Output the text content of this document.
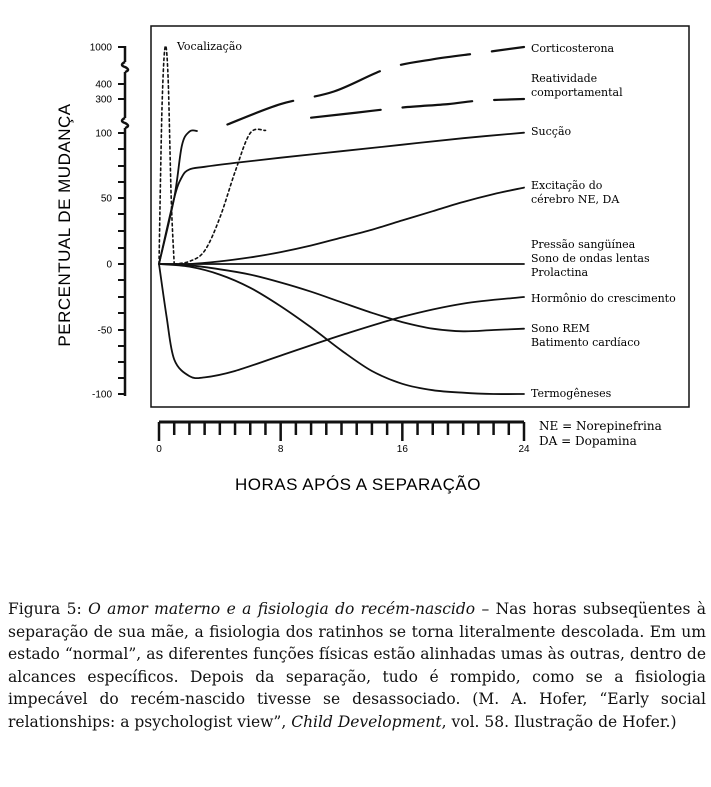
1000
400
300
100
50
0
-50
-100
PERCENTUAL DE MUDANÇA
0	8	16	24
HORAS APÓS A SEPARAÇÃO
NE = Norepinefrina
DA = Dopamina
Vocalização	Corticosterona
Reatividade comportamental
Sucção
Excitação do cérebro NE, DA
Pressão sangüínea Sono de ondas lentas Prolactina
Hormônio do crescimento
Sono REM Batimento cardíaco
Termogêneses
Figura 5: O amor materno e a fisiologia do recém-nascido – Nas horas subseqüentes à separação de sua mãe, a fisiologia dos ratinhos se torna literalmente descolada. Em um estado “normal”, as diferentes funções físicas estão alinhadas umas às outras, dentro de alcances específicos. Depois da separação, tudo é rompido, como se a fisiologia impecável do recém-nascido tivesse se desassociado. (M. A. Hofer, “Early social relationships: a psychologist view”, Child Development, vol. 58. Ilustração de Hofer.)
